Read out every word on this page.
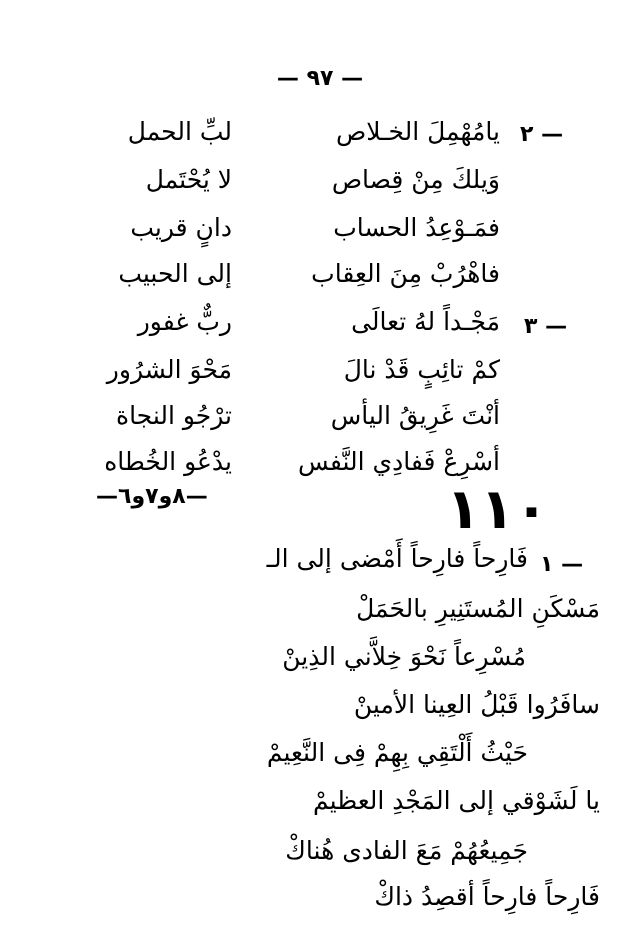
— ٩٧ —
٢ —
يامُهْمِلَ الخـلاص
لبِّ الحمل
وَيلكَ مِنْ قِصاص
لا يُحْتَمل
فمَـوْعِدُ الحساب
دانٍ قريب
فاهْرُبْ مِنَ العِقاب
إلى الحبيب
٣ —
مَجْـداً لهُ تعالَى
ربٌّ غفور
كمْ تائِبٍ قَدْ نالَ
مَحْوَ الشرُور
أنْتَ غَرِيقُ اليأس
ترْجُو النجاة
أسْرِعْ فَفادِي النَّفس
يدْعُو الخُطاه
—٨و٧و٦—	١١٠
١ —
فَارِحاً فارِحاً أَمْضى إلى الـ
مَسْكَنِ المُستَنِيرِ بالحَمَلْ
مُسْرِعاً نَحْوَ خِلاَّني الذِينْ
سافَرُوا قَبْلُ العِينا الأمينْ
حَيْثُ أَلْتَقِي بِهِمْ فِى النَّعِيمْ
يا لَشَوْقي إلى المَجْدِ العظيمْ
جَمِيعُهُمْ مَعَ الفادى هُناكْ
فَارِحاً فارِحاً أقصِدُ ذاكْ
